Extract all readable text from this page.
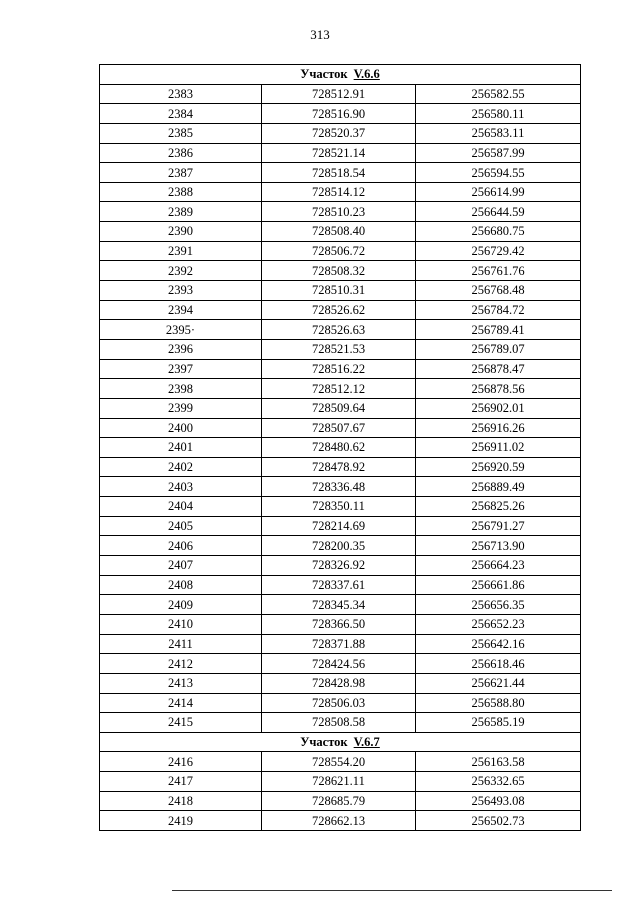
313
Участок V.6.6		
2383	728512.91	256582.55
2384	728516.90	256580.11
2385	728520.37	256583.11
2386	728521.14	256587.99
2387	728518.54	256594.55
2388	728514.12	256614.99
2389	728510.23	256644.59
2390	728508.40	256680.75
2391	728506.72	256729.42
2392	728508.32	256761.76
2393	728510.31	256768.48
2394	728526.62	256784.72
2395·	728526.63	256789.41
2396	728521.53	256789.07
2397	728516.22	256878.47
2398	728512.12	256878.56
2399	728509.64	256902.01
2400	728507.67	256916.26
2401	728480.62	256911.02
2402	728478.92	256920.59
2403	728336.48	256889.49
2404	728350.11	256825.26
2405	728214.69	256791.27
2406	728200.35	256713.90
2407	728326.92	256664.23
2408	728337.61	256661.86
2409	728345.34	256656.35
2410	728366.50	256652.23
2411	728371.88	256642.16
2412	728424.56	256618.46
2413	728428.98	256621.44
2414	728506.03	256588.80
2415	728508.58	256585.19
Участок V.6.7		
2416	728554.20	256163.58
2417	728621.11	256332.65
2418	728685.79	256493.08
2419	728662.13	256502.73
